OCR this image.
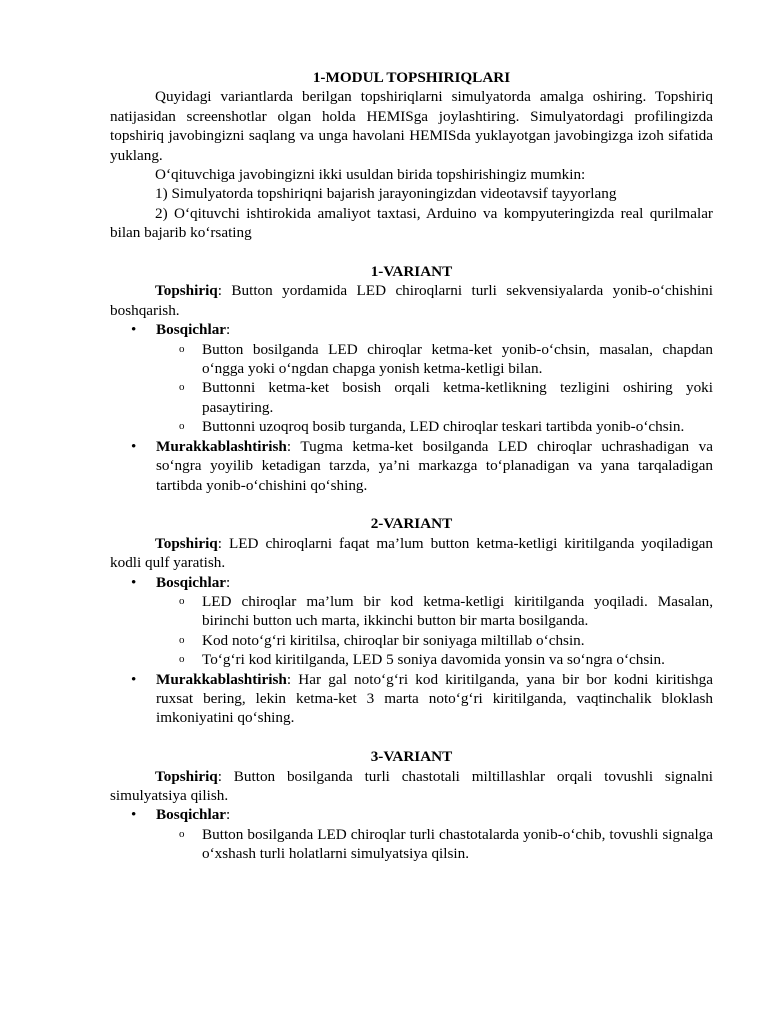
1-MODUL TOPSHIRIQLARI

Quyidagi variantlarda berilgan topshiriqlarni simulyatorda amalga oshiring. Topshiriq natijasidan screenshotlar olgan holda HEMISga joylashtiring. Simulyatordagi profilingizda topshiriq javobingizni saqlang va unga havolani HEMISda yuklayotgan javobingizga izoh sifatida yuklang.

O‘qituvchiga javobingizni ikki usuldan birida topshirishingiz mumkin:

1) Simulyatorda topshiriqni bajarish jarayoningizdan videotavsif tayyorlang

2) O‘qituvchi ishtirokida amaliyot taxtasi, Arduino va kompyuteringizda real qurilmalar bilan bajarib ko‘rsating

1-VARIANT

Topshiriq: Button yordamida LED chiroqlarni turli sekvensiyalarda yonib-o‘chishini boshqarish.

• Bosqichlar:
o Button bosilganda LED chiroqlar ketma-ket yonib-o‘chsin, masalan, chapdan o‘ngga yoki o‘ngdan chapga yonish ketma-ketligi bilan.
o Buttonni ketma-ket bosish orqali ketma-ketlikning tezligini oshiring yoki pasaytiring.
o Buttonni uzoqroq bosib turganda, LED chiroqlar teskari tartibda yonib-o‘chsin.
• Murakkablashtirish: Tugma ketma-ket bosilganda LED chiroqlar uchrashadigan va so‘ngra yoyilib ketadigan tarzda, ya’ni markazga to‘planadigan va yana tarqaladigan tartibda yonib-o‘chishini qo‘shing.

2-VARIANT

Topshiriq: LED chiroqlarni faqat ma’lum button ketma-ketligi kiritilganda yoqiladigan kodli qulf yaratish.

• Bosqichlar:
o LED chiroqlar ma’lum bir kod ketma-ketligi kiritilganda yoqiladi. Masalan, birinchi button uch marta, ikkinchi button bir marta bosilganda.
o Kod noto‘g‘ri kiritilsa, chiroqlar bir soniyaga miltillab o‘chsin.
o To‘g‘ri kod kiritilganda, LED 5 soniya davomida yonsin va so‘ngra o‘chsin.
• Murakkablashtirish: Har gal noto‘g‘ri kod kiritilganda, yana bir bor kodni kiritishga ruxsat bering, lekin ketma-ket 3 marta noto‘g‘ri kiritilganda, vaqtinchalik bloklash imkoniyatini qo‘shing.

3-VARIANT

Topshiriq: Button bosilganda turli chastotali miltillashlar orqali tovushli signalni simulyatsiya qilish.

• Bosqichlar:
o Button bosilganda LED chiroqlar turli chastotalarda yonib-o‘chib, tovushli signalga o‘xshash turli holatlarni simulyatsiya qilsin.
